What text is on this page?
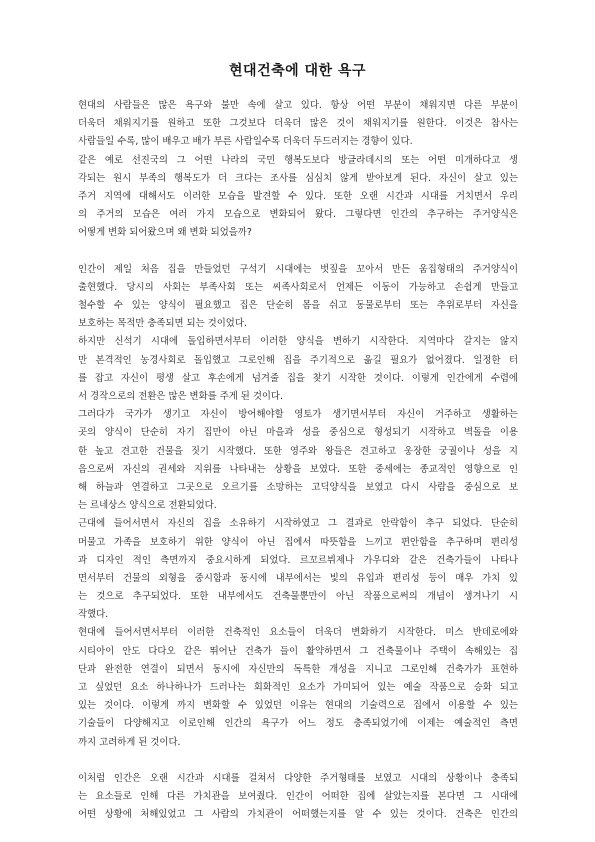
현대건축에 대한 욕구
현대의 사람들은 많은 욕구와 불만 속에 살고 있다. 항상 어떤 부분이 채워지면 다른 부분이
더욱더 채워지기를 원하고 또한 그것보다 더욱더 많은 것이 채워지기를 원한다. 이것은 참사는
사람들일 수록, 많이 배우고 배가 부른 사람일수록 더욱더 두드러지는 경향이 있다.
같은 예로 선진국의 그 어떤 나라의 국민 행복도보다 방글라데시의 또는 어떤 미개하다고 생
각되는 원시 부족의 행복도가 더 크다는 조사를 심심치 않게 받아보게 된다. 자신이 살고 있는
주거 지역에 대해서도 이러한 모습을 발견할 수 있다. 또한 오랜 시간과 시대를 거치면서 우리
의 주거의 모습은 여러 가지 모습으로 변화되어 왔다. 그렇다면 인간의 추구하는 주거양식은
어떻게 변화 되어왔으며 왜 변화 되었을까?
인간이 제일 처음 집을 만들었던 구석기 시대에는 벗짚을 꼬아서 만든 움집형태의 주거양식이
출현했다. 당시의 사회는 부족사회 또는 씨족사회로서 언제든 이동이 가능하고 손쉽게 만들고
철수할 수 있는 양식이 필요했고 집은 단순히 몸을 쉬고 동물로부터 또는 추위로부터 자신을
보호하는 목적만 충족되면 되는 것이었다.
하지만 신석기 시대에 돌입하면서부터 이러한 양식을 변하기 시작한다. 지역마다 갈지는 않지
만 본격적인 농경사회로 돌입했고 그로인해 집을 주기적으로 옮길 필요가 없어졌다. 일정한 터
를 잡고 자신이 평생 살고 후손에게 넘겨줄 집을 찾기 시작한 것이다. 이렇게 인간에게 수렴에
서 경작으로의 전환은 많은 변화를 주게 된 것이다.
그러다가 국가가 생기고 자신이 방어해야할 영토가 생기면서부터 자신이 거주하고 생활하는
곳의 양식이 단순히 자기 집만이 아닌 마을과 성을 중심으로 형성되기 시작하고 벽돌을 이용
한 높고 견고한 건물을 짓기 시작했다. 또한 영주와 왕들은 견고하고 웅장한 궁궐이나 성을 지
음으로써 자신의 권세와 지위를 나타내는 상황을 보였다. 또한 중세에는 종교적인 영향으로 인
해 하늘과 연결하고 그곳으로 오르기를 소망하는 고딕양식을 보였고 다시 사람을 중심으로 보
는 르네상스 양식으로 전환되었다.
근대에 들어서면서 자신의 집을 소유하기 시작하였고 그 결과로 안락함이 추구 되었다. 단순히
머물고 가족을 보호하기 위한 양식이 아닌 집에서 따뜻함을 느끼고 편안함을 추구하며 편리성
과 디자인 적인 측면까지 중요시하게 되었다. 르꼬르뷔제나 가우디와 같은 건축가들이 나타나
면서부터 건물의 외형을 중시함과 동시에 내부에서는 빛의 유입과 편리성 등이 매우 가치 있
는 것으로 추구되었다. 또한 내부에서도 건축물뿐만이 아닌 작품으로써의 개념이 생겨나기 시
작했다.
현대에 들어서면서부터 이러한 건축적인 요소들이 더욱더 변화하기 시작한다. 미스 반데로에와
시티아이 안도 다다오 같은 뛰어난 건축가 들이 활약하면서 그 건축물이나 주택이 속해있는 집
단과 완전한 연결이 되면서 동시에 자신만의 독특한 개성을 지니고 그로인해 건축가가 표현하
고 싶었던 요소 하나하나가 드러나는 회화적인 요소가 가미되어 있는 예술 작품으로 승화 되고
있는 것이다. 이렇게 까지 변화할 수 있었던 이유는 현대의 기술력으로 집에서 이용할 수 있는
기술들이 다양해지고 이로인해 인간의 욕구가 어느 정도 충족되었기에 이제는 예술적인 측면
까지 고려하게 된 것이다.
이처럼 인간은 오랜 시간과 시대를 걸쳐서 다양한 주거형태를 보였고 시대의 상황이나 충족되
는 요소들로 인해 다른 가치관을 보여줬다. 인간이 어떠한 집에 살았는지를 본다면 그 시대에
어떤 상황에 처해있었고 그 사람의 가치관이 어떠했는지를 알 수 있는 것이다. 건축은 인간의
